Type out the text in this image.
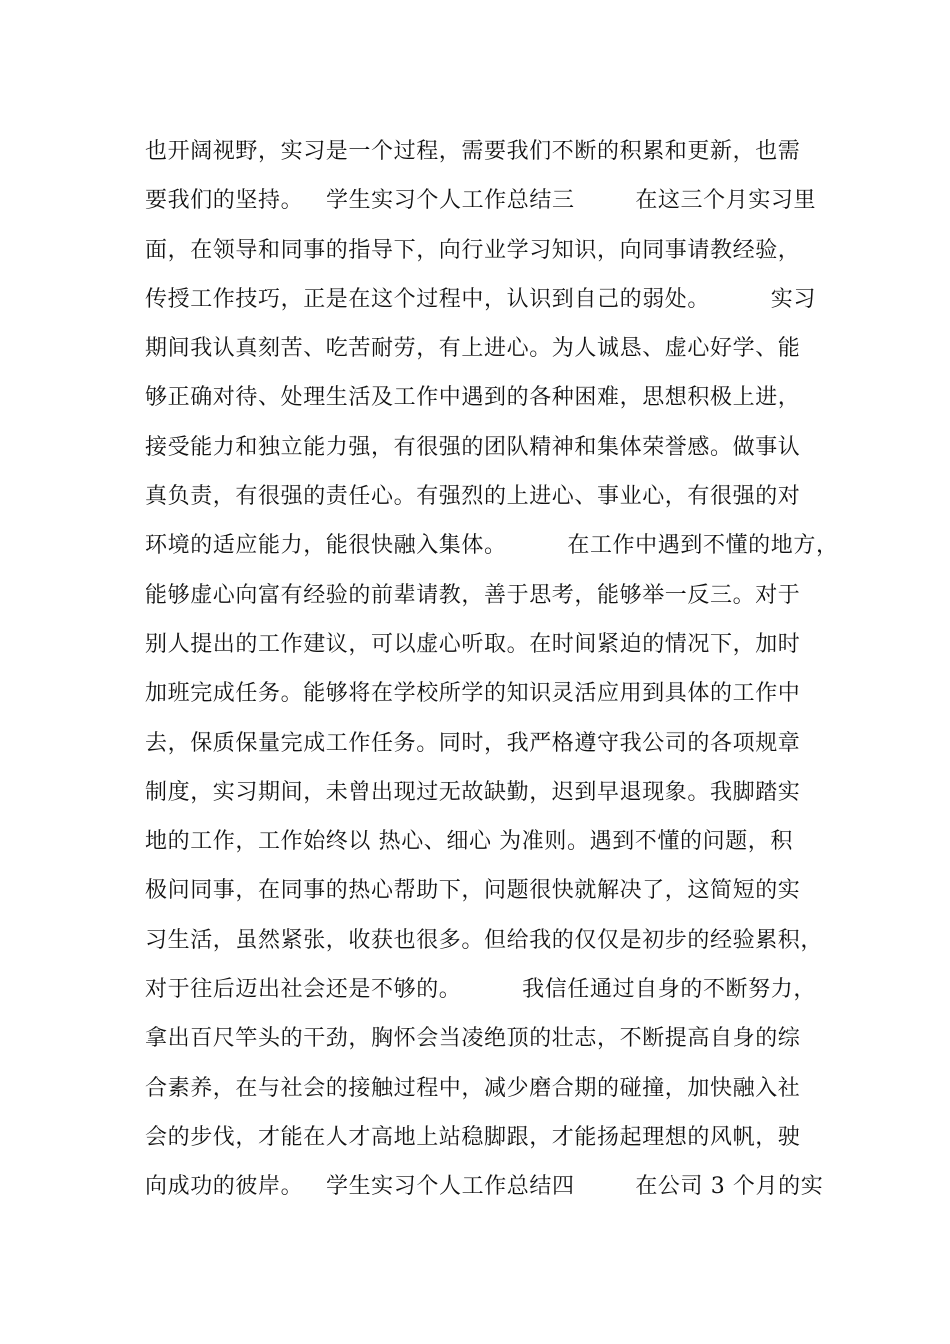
也开阔视野，实习是一个过程，需要我们不断的积累和更新，也需
要我们的坚持。   学生实习个人工作总结三        在这三个月实习里
面，在领导和同事的指导下，向行业学习知识，向同事请教经验，
传授工作技巧，正是在这个过程中，认识到自己的弱处。        实习
期间我认真刻苦、吃苦耐劳，有上进心。为人诚恳、虚心好学、能
够正确对待、处理生活及工作中遇到的各种困难，思想积极上进，
接受能力和独立能力强，有很强的团队精神和集体荣誉感。做事认
真负责，有很强的责任心。有强烈的上进心、事业心，有很强的对
环境的适应能力，能很快融入集体。        在工作中遇到不懂的地方，
能够虚心向富有经验的前辈请教，善于思考，能够举一反三。对于
别人提出的工作建议，可以虚心听取。在时间紧迫的情况下，加时
加班完成任务。能够将在学校所学的知识灵活应用到具体的工作中
去，保质保量完成工作任务。同时，我严格遵守我公司的各项规章
制度，实习期间，未曾出现过无故缺勤，迟到早退现象。我脚踏实
地的工作，工作始终以 热心、细心 为准则。遇到不懂的问题，积
极问同事，在同事的热心帮助下，问题很快就解决了，这简短的实
习生活，虽然紧张，收获也很多。但给我的仅仅是初步的经验累积，
对于往后迈出社会还是不够的。        我信任通过自身的不断努力，
拿出百尺竿头的干劲，胸怀会当凌绝顶的壮志，不断提高自身的综
合素养，在与社会的接触过程中，减少磨合期的碰撞，加快融入社
会的步伐，才能在人才高地上站稳脚跟，才能扬起理想的风帆，驶
向成功的彼岸。   学生实习个人工作总结四        在公司 3 个月的实
